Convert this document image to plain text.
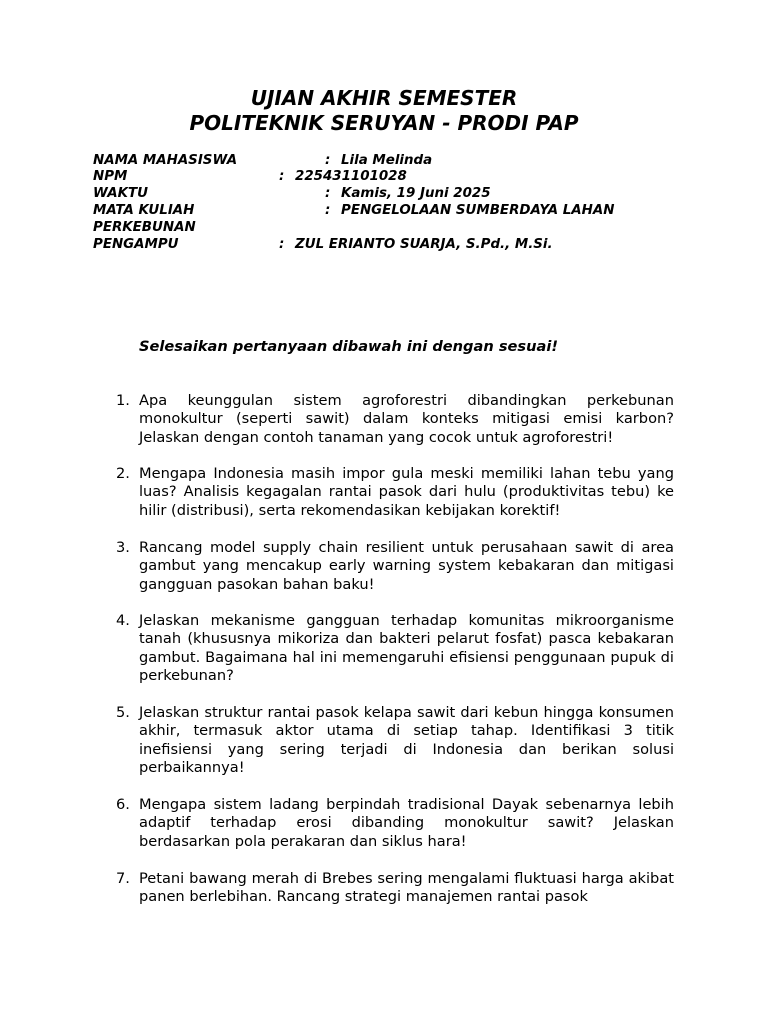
UJIAN AKHIR SEMESTER
POLITEKNIK SERUYAN - PRODI PAP
NAMA MAHASISWA	: Lila Melinda
NPM	: 225431101028
WAKTU	: Kamis, 19 Juni 2025
MATA KULIAH	: PENGELOLAAN SUMBERDAYA LAHAN
PERKEBUNAN
PENGAMPU	: ZUL ERIANTO SUARJA, S.Pd., M.Si.
Selesaikan pertanyaan dibawah ini dengan sesuai!
1. Apa keunggulan sistem agroforestri dibandingkan perkebunan monokultur (seperti sawit) dalam konteks mitigasi emisi karbon? Jelaskan dengan contoh tanaman yang cocok untuk agroforestri!
2. Mengapa Indonesia masih impor gula meski memiliki lahan tebu yang luas? Analisis kegagalan rantai pasok dari hulu (produktivitas tebu) ke hilir (distribusi), serta rekomendasikan kebijakan korektif!
3. Rancang model supply chain resilient untuk perusahaan sawit di area gambut yang mencakup early warning system kebakaran dan mitigasi gangguan pasokan bahan baku!
4. Jelaskan mekanisme gangguan terhadap komunitas mikroorganisme tanah (khususnya mikoriza dan bakteri pelarut fosfat) pasca kebakaran gambut. Bagaimana hal ini memengaruhi efisiensi penggunaan pupuk di perkebunan?
5. Jelaskan struktur rantai pasok kelapa sawit dari kebun hingga konsumen akhir, termasuk aktor utama di setiap tahap. Identifikasi 3 titik inefisiensi yang sering terjadi di Indonesia dan berikan solusi perbaikannya!
6. Mengapa sistem ladang berpindah tradisional Dayak sebenarnya lebih adaptif terhadap erosi dibanding monokultur sawit? Jelaskan berdasarkan pola perakaran dan siklus hara!
7. Petani bawang merah di Brebes sering mengalami fluktuasi harga akibat panen berlebihan. Rancang strategi manajemen rantai pasok
